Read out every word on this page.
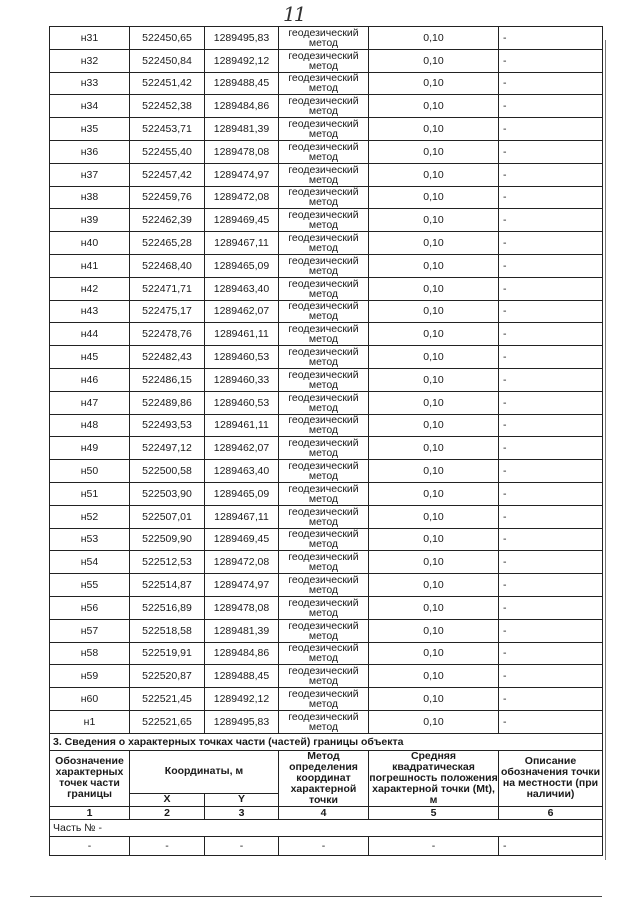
11
н31	522450,65	1289495,83	геодезический метод	0,10	-
н32	522450,84	1289492,12	геодезический метод	0,10	-
н33	522451,42	1289488,45	геодезический метод	0,10	-
н34	522452,38	1289484,86	геодезический метод	0,10	-
н35	522453,71	1289481,39	геодезический метод	0,10	-
н36	522455,40	1289478,08	геодезический метод	0,10	-
н37	522457,42	1289474,97	геодезический метод	0,10	-
н38	522459,76	1289472,08	геодезический метод	0,10	-
н39	522462,39	1289469,45	геодезический метод	0,10	-
н40	522465,28	1289467,11	геодезический метод	0,10	-
н41	522468,40	1289465,09	геодезический метод	0,10	-
н42	522471,71	1289463,40	геодезический метод	0,10	-
н43	522475,17	1289462,07	геодезический метод	0,10	-
н44	522478,76	1289461,11	геодезический метод	0,10	-
н45	522482,43	1289460,53	геодезический метод	0,10	-
н46	522486,15	1289460,33	геодезический метод	0,10	-
н47	522489,86	1289460,53	геодезический метод	0,10	-
н48	522493,53	1289461,11	геодезический метод	0,10	-
н49	522497,12	1289462,07	геодезический метод	0,10	-
н50	522500,58	1289463,40	геодезический метод	0,10	-
н51	522503,90	1289465,09	геодезический метод	0,10	-
н52	522507,01	1289467,11	геодезический метод	0,10	-
н53	522509,90	1289469,45	геодезический метод	0,10	-
н54	522512,53	1289472,08	геодезический метод	0,10	-
н55	522514,87	1289474,97	геодезический метод	0,10	-
н56	522516,89	1289478,08	геодезический метод	0,10	-
н57	522518,58	1289481,39	геодезический метод	0,10	-
н58	522519,91	1289484,86	геодезический метод	0,10	-
н59	522520,87	1289488,45	геодезический метод	0,10	-
н60	522521,45	1289492,12	геодезический метод	0,10	-
н1	522521,65	1289495,83	геодезический метод	0,10	-
3. Сведения о характерных точках части (частей) границы объекта					
Обозначение характерных точек части границы	Координаты, м		Метод определения координат характерной точки	Средняя квадратическая погрешность положения характерной точки (Mt), м	Описание обозначения точки на местности (при наличии)
	X	Y			
1	2	3	4	5	6
Часть № -					
-	-	-	-	-	-
